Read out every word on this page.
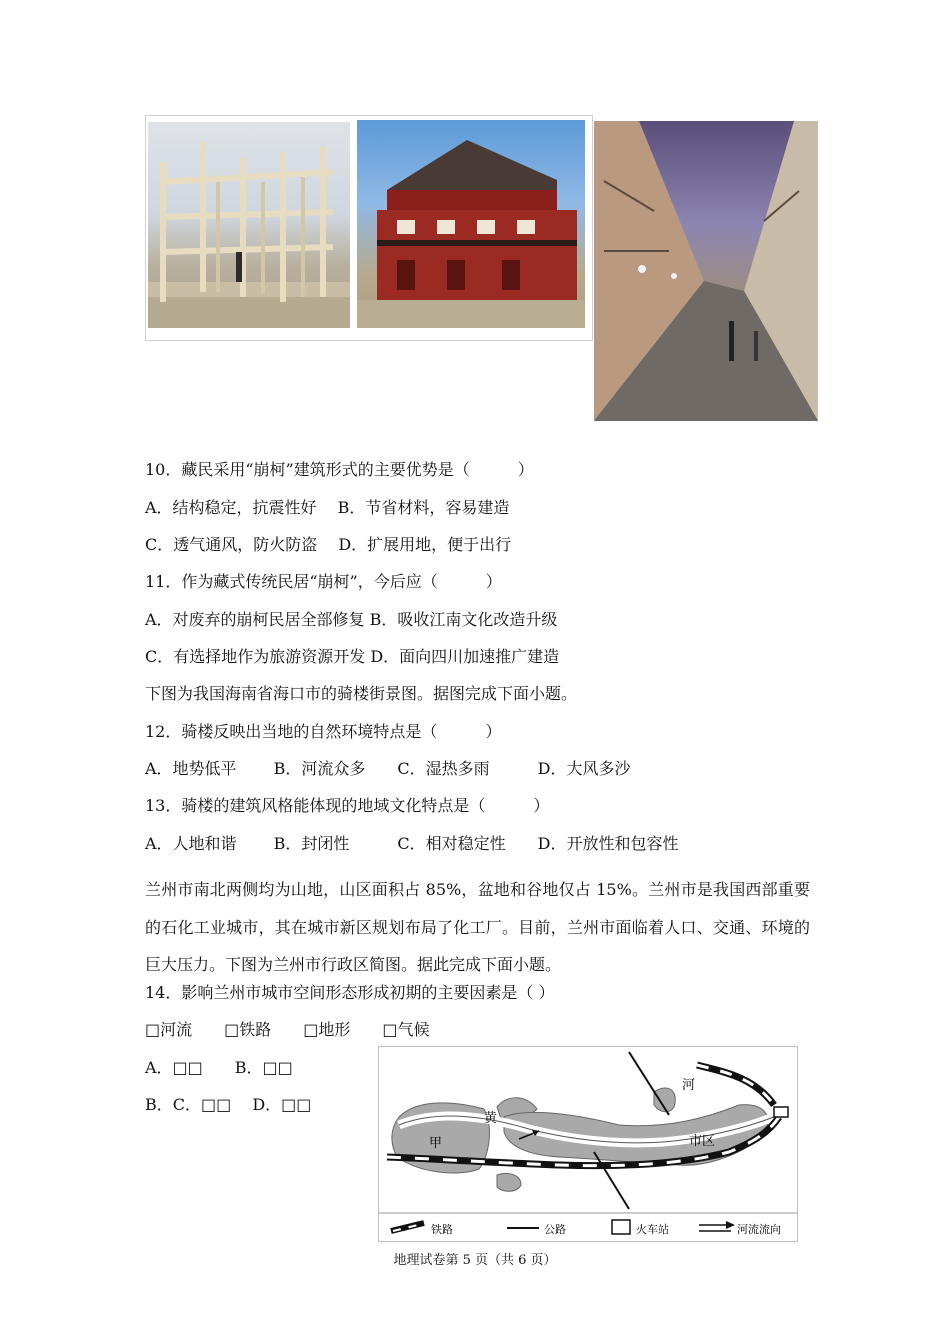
10．藏民采用“崩柯”建筑形式的主要优势是（　　　）
A．结构稳定，抗震性好　 B．节省材料，容易建造
C．透气通风，防火防盗　 D．扩展用地，便于出行
11．作为藏式传统民居“崩柯”，今后应（　　　）
A．对废弃的崩柯民居全部修复 B．吸收江南文化改造升级
C．有选择地作为旅游资源开发 D．面向四川加速推广建造
下图为我国海南省海口市的骑楼街景图。据图完成下面小题。
12．骑楼反映出当地的自然环境特点是（　　　）
A．地势低平　　 B．河流众多　　C．湿热多雨　　　D．大风多沙
13．骑楼的建筑风格能体现的地域文化特点是（　　　）
A．人地和谐　　 B．封闭性　　　C．相对稳定性　　D．开放性和包容性
兰州市南北两侧均为山地，山区面积占 85%，盆地和谷地仅占 15%。兰州市是我国西部重要的石化工业城市，其在城市新区规划布局了化工厂。目前，兰州市面临着人口、交通、环境的巨大压力。下图为兰州市行政区简图。据此完成下面小题。
14．影响兰州市城市空间形态形成初期的主要因素是（ ）
□河流　　□铁路　　□地形　　□气候
A．□□　　B．□□
B．C．□□　 D．□□
河
黄
甲	市区
铁路	公路	火车站	河流流向
地理试卷第 5 页（共 6 页）
